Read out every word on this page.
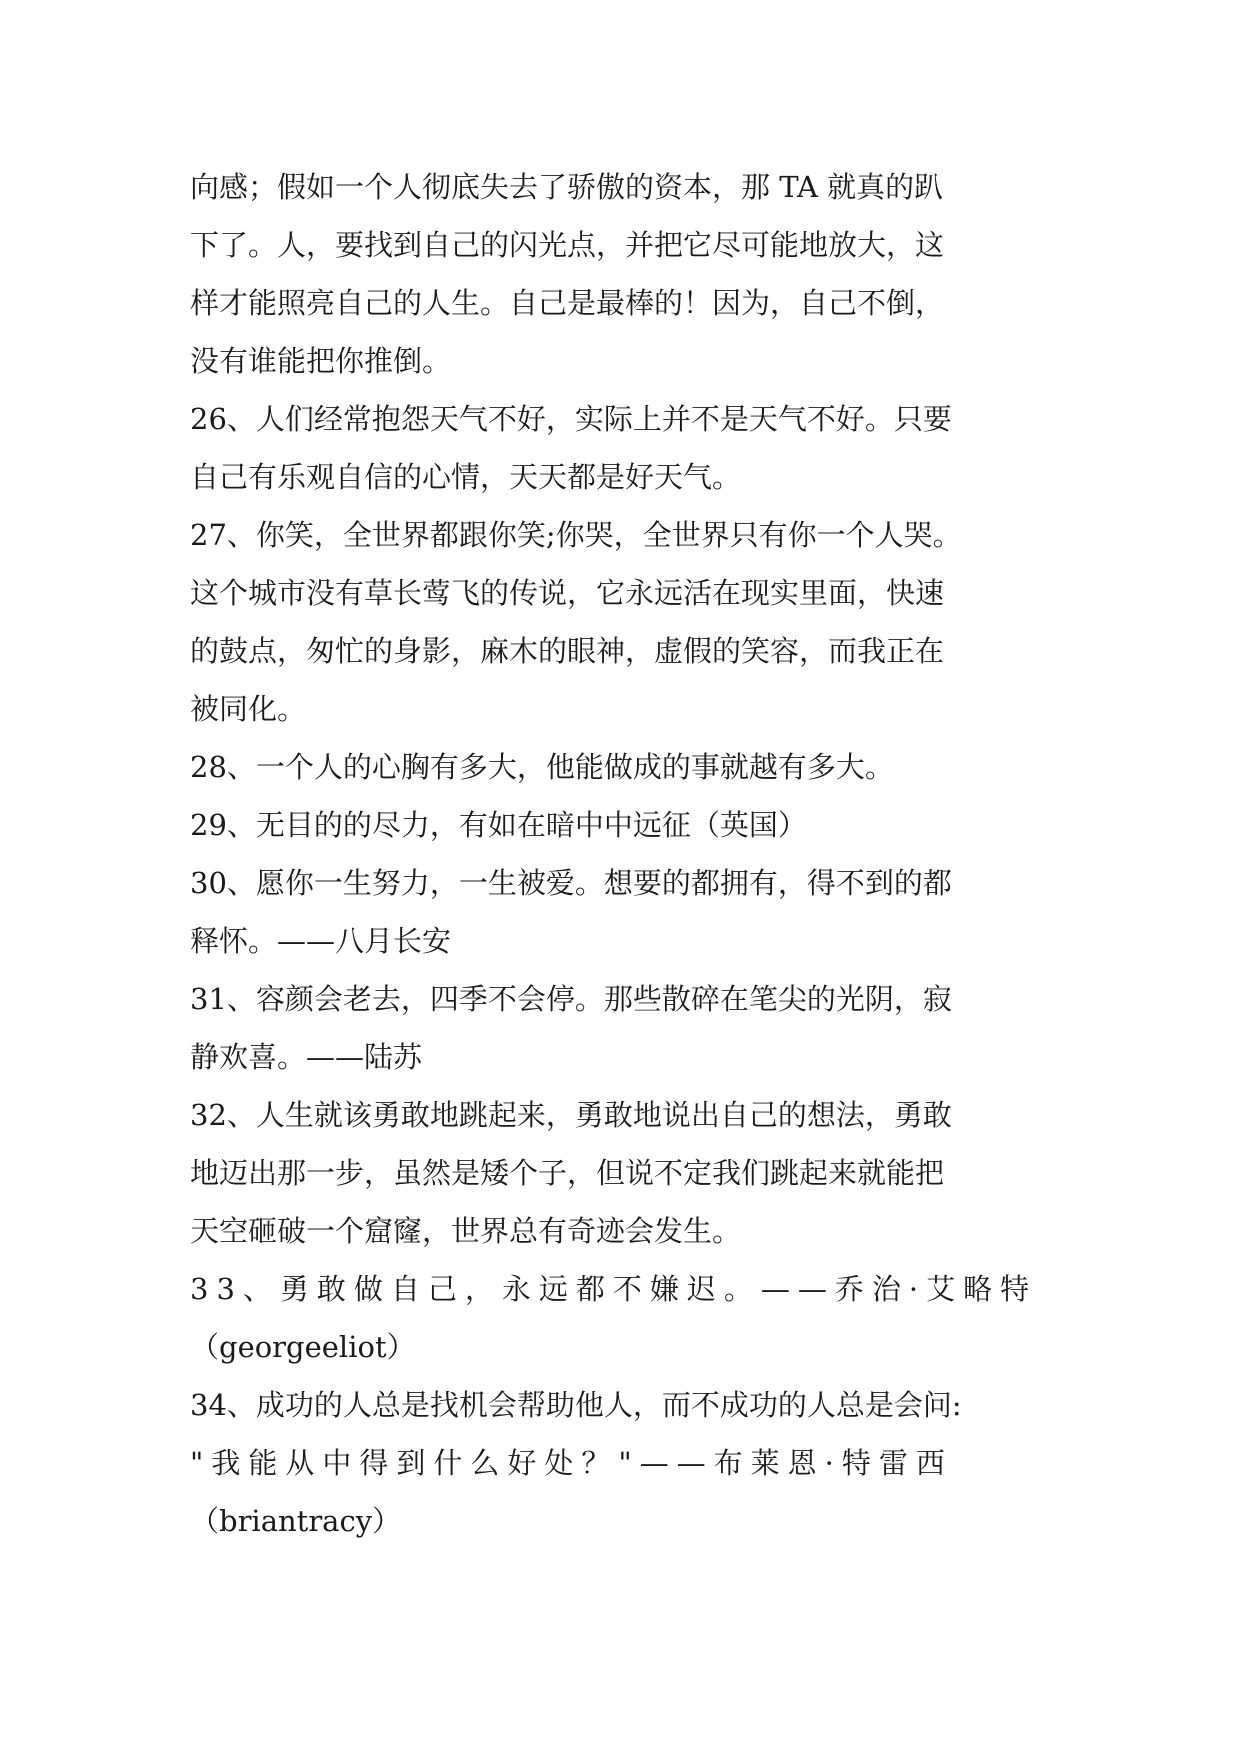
向感；假如一个人彻底失去了骄傲的资本，那 TA 就真的趴
下了。人，要找到自己的闪光点，并把它尽可能地放大，这
样才能照亮自己的人生。自己是最棒的！因为，自己不倒，
没有谁能把你推倒。
26、人们经常抱怨天气不好，实际上并不是天气不好。只要
自己有乐观自信的心情，天天都是好天气。
27、你笑，全世界都跟你笑;你哭，全世界只有你一个人哭。
这个城市没有草长莺飞的传说，它永远活在现实里面，快速
的鼓点，匆忙的身影，麻木的眼神，虚假的笑容，而我正在
被同化。
28、一个人的心胸有多大，他能做成的事就越有多大。
29、无目的的尽力，有如在暗中中远征（英国）
30、愿你一生努力，一生被爱。想要的都拥有，得不到的都
释怀。——八月长安
31、容颜会老去，四季不会停。那些散碎在笔尖的光阴，寂
静欢喜。——陆苏
32、人生就该勇敢地跳起来，勇敢地说出自己的想法，勇敢
地迈出那一步，虽然是矮个子，但说不定我们跳起来就能把
天空砸破一个窟窿，世界总有奇迹会发生。
33、勇敢做自己，永远都不嫌迟。——乔治·艾略特
（georgeeliot）
34、成功的人总是找机会帮助他人，而不成功的人总是会问:
"我能从中得到什么好处？"——布莱恩·特雷西
（briantracy）
